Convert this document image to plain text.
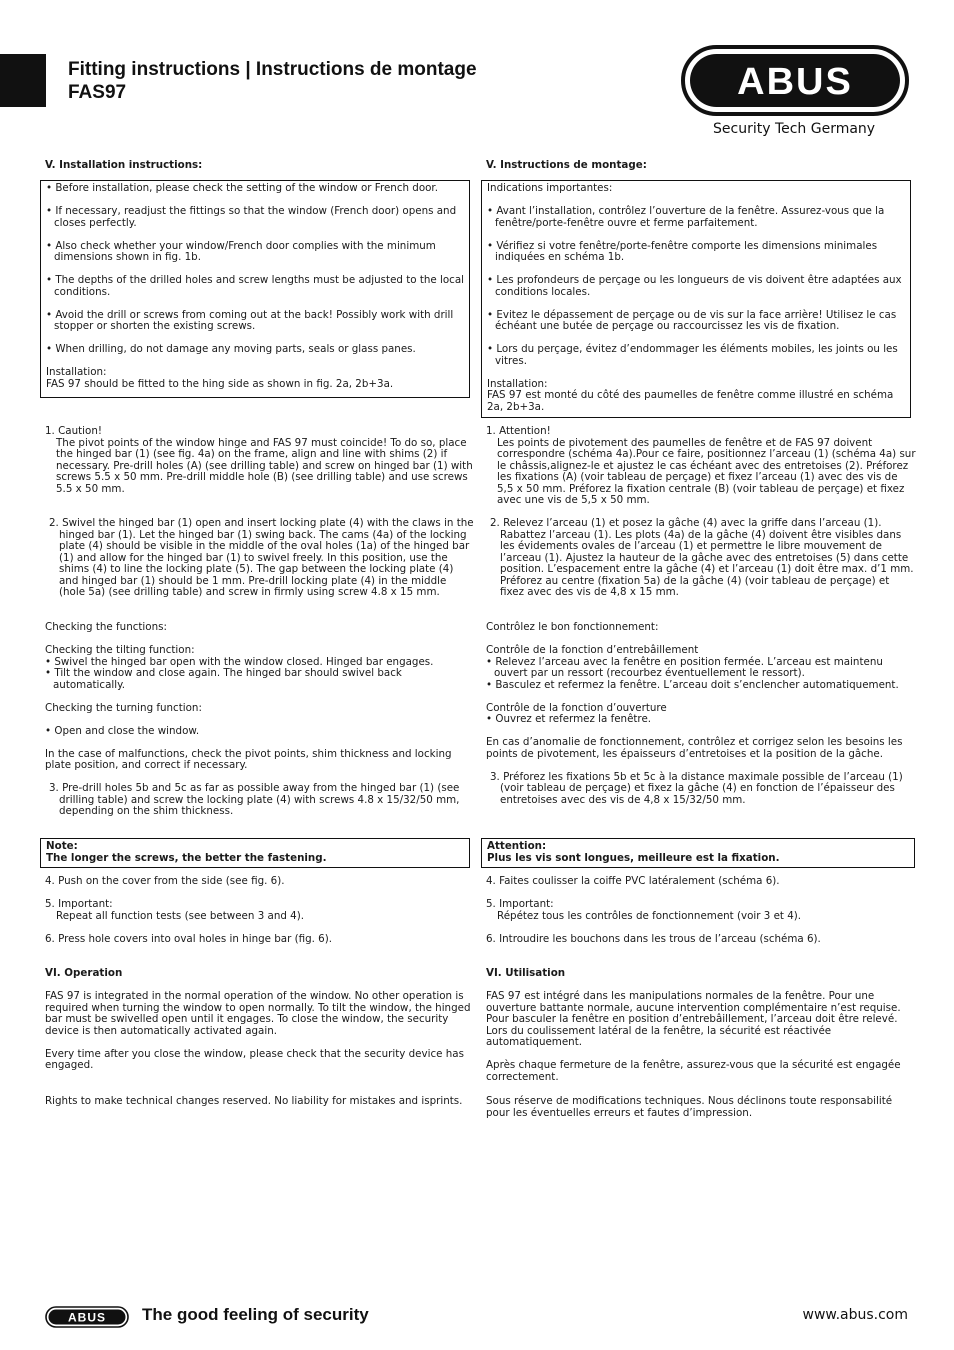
Fitting instructions | Instructions de montage
FAS97	ABUS
Security Tech Germany
V. Installation instructions:

• Before installation, please check the setting of the window or French door.

• If necessary, readjust the fittings so that the window (French door) opens and closes perfectly.

• Also check whether your window/French door complies with the minimum dimensions shown in fig. 1b.

• The depths of the drilled holes and screw lengths must be adjusted to the local conditions.

• Avoid the drill or screws from coming out at the back! Possibly work with drill stopper or shorten the existing screws.

• When drilling, do not damage any moving parts, seals or glass panes.

Installation:

FAS 97 should be fitted to the hing side as shown in fig. 2a, 2b+3a.

1. Caution!

The pivot points of the window hinge and FAS 97 must coincide! To do so, place the hinged bar (1) (see fig. 4a) on the frame, align and line with shims (2) if necessary. Pre-drill holes (A) (see drilling table) and screw on hinged bar (1) with screws 5.5 x 50 mm. Pre-drill middle hole (B) (see drilling table) and use screws 5.5 x 50 mm.

2. Swivel the hinged bar (1) open and insert locking plate (4) with the claws in the hinged bar (1). Let the hinged bar (1) swing back. The cams (4a) of the locking plate (4) should be visible in the middle of the oval holes (1a) of the hinged bar (1) and allow for the hinged bar (1) to swivel freely. In this position, use the shims (4) to line the locking plate (5). The gap between the locking plate (4) and hinged bar (1) should be 1 mm. Pre-drill locking plate (4) in the middle (hole 5a) (see drilling table) and screw in firmly using screw 4.8 x 15 mm.

Checking the functions:

Checking the tilting function:

• Swivel the hinged bar open with the window closed. Hinged bar engages.

• Tilt the window and close again. The hinged bar should swivel back automatically.

Checking the turning function:

• Open and close the window.

In the case of malfunctions, check the pivot points, shim thickness and locking plate position, and correct if necessary.

3. Pre-drill holes 5b and 5c as far as possible away from the hinged bar (1) (see drilling table) and screw the locking plate (4) with screws 4.8 x 15/32/50 mm, depending on the shim thickness.

Note:

The longer the screws, the better the fastening.

4. Push on the cover from the side (see fig. 6).

5. Important:

Repeat all function tests (see between 3 and 4).

6. Press hole covers into oval holes in hinge bar (fig. 6).

VI. Operation

FAS 97 is integrated in the normal operation of the window. No other operation is required when turning the window to open normally. To tilt the window, the hinged bar must be swivelled open until it engages. To close the window, the security device is then automatically activated again.

Every time after you close the window, please check that the security device has engaged.

Rights to make technical changes reserved. No liability for mistakes and isprints.
V. Instructions de montage:

Indications importantes:

• Avant l’installation, contrôlez l’ouverture de la fenêtre. Assurez-vous que la fenêtre/porte-fenêtre ouvre et ferme parfaitement.

• Vérifiez si votre fenêtre/porte-fenêtre comporte les dimensions minimales indiquées en schéma 1b.

• Les profondeurs de perçage ou les longueurs de vis doivent être adaptées aux conditions locales.

• Evitez le dépassement de perçage ou de vis sur la face arrière! Utilisez le cas échéant une butée de perçage ou raccourcissez les vis de fixation.

• Lors du perçage, évitez d’endommager les éléments mobiles, les joints ou les vitres.

Installation:

FAS 97 est monté du côté des paumelles de fenêtre comme illustré en schéma 2a, 2b+3a.

1. Attention!

Les points de pivotement des paumelles de fenêtre et de FAS 97 doivent correspondre (schéma 4a).Pour ce faire, positionnez l’arceau (1) (schéma 4a) sur le châssis,alignez-le et ajustez le cas échéant avec des entretoises (2). Préforez les fixations (A) (voir tableau de perçage) et fixez l’arceau (1) avec des vis de 5,5 x 50 mm. Préforez la fixation centrale (B) (voir tableau de perçage) et fixez avec une vis de 5,5 x 50 mm.

2. Relevez l’arceau (1) et posez la gâche (4) avec la griffe dans l’arceau (1). Rabattez l’arceau (1). Les plots (4a) de la gâche (4) doivent être visibles dans les évidements ovales de l’arceau (1) et permettre le libre mouvement de l’arceau (1). Ajustez la hauteur de la gâche avec des entretoises (5) dans cette position. L’espacement entre la gâche (4) et l’arceau (1) doit être max. d’1 mm. Préforez au centre (fixation 5a) de la gâche (4) (voir tableau de perçage) et fixez avec des vis de 4,8 x 15 mm.

Contrôlez le bon fonctionnement:

Contrôle de la fonction d’entrebâillement

• Relevez l’arceau avec la fenêtre en position fermée. L’arceau est maintenu ouvert par un ressort (recourbez éventuellement le ressort).

• Basculez et refermez la fenêtre. L’arceau doit s’enclencher automatiquement.

Contrôle de la fonction d’ouverture

• Ouvrez et refermez la fenêtre.

En cas d’anomalie de fonctionnement, contrôlez et corrigez selon les besoins les points de pivotement, les épaisseurs d’entretoises et la position de la gâche.

3. Préforez les fixations 5b et 5c à la distance maximale possible de l’arceau (1) (voir tableau de perçage) et fixez la gâche (4) en fonction de l’épaisseur des entretoises avec des vis de 4,8 x 15/32/50 mm.

Attention:

Plus les vis sont longues, meilleure est la fixation.

4. Faites coulisser la coiffe PVC latéralement (schéma 6).

5. Important:

Répétez tous les contrôles de fonctionnement (voir 3 et 4).

6. Introudire les bouchons dans les trous de l’arceau (schéma 6).

VI. Utilisation

FAS 97 est intégré dans les manipulations normales de la fenêtre. Pour une ouverture battante normale, aucune intervention complémentaire n’est requise. Pour basculer la fenêtre en position d’entrebâillement, l’arceau doit être relevé. Lors du coulissement latéral de la fenêtre, la sécurité est réactivée automatiquement.

Après chaque fermeture de la fenêtre, assurez-vous que la sécurité est engagée correctement.

Sous réserve de modifications techniques. Nous déclinons toute responsabilité pour les éventuelles erreurs et fautes d’impression.
ABUS The good feeling of security	www.abus.com
